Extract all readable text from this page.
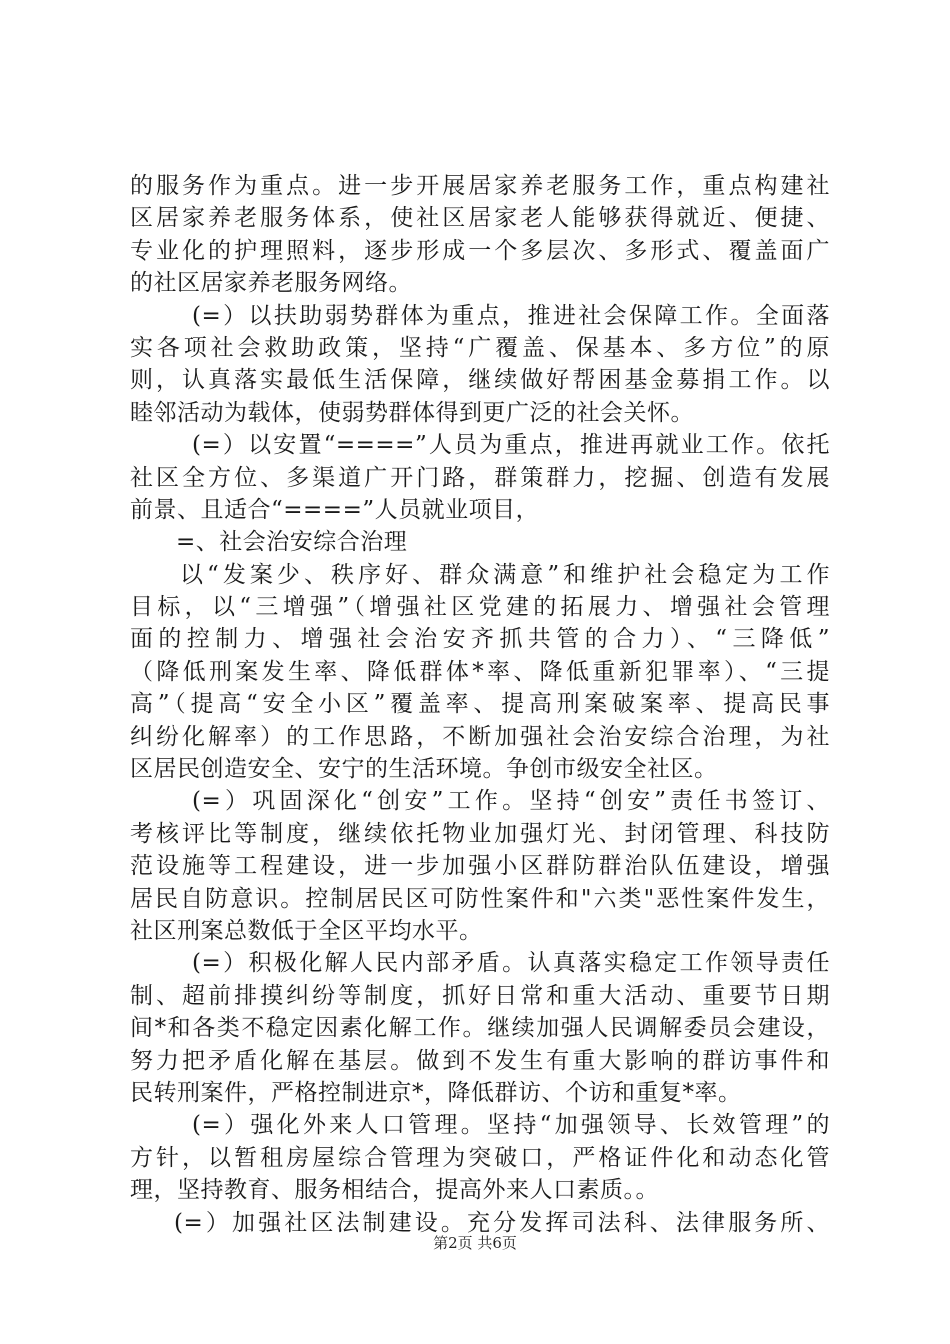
的服务作为重点。进一步开展居家养老服务工作，重点构建社
区居家养老服务体系，使社区居家老人能够获得就近、便捷、
专业化的护理照料，逐步形成一个多层次、多形式、覆盖面广
的社区居家养老服务网络。
(=）以扶助弱势群体为重点，推进社会保障工作。全面落
实各项社会救助政策，坚持“广覆盖、保基本、多方位”的原
则，认真落实最低生活保障，继续做好帮困基金募捐工作。以
睦邻活动为载体，使弱势群体得到更广泛的社会关怀。
(=）以安置“====”人员为重点，推进再就业工作。依托
社区全方位、多渠道广开门路，群策群力，挖掘、创造有发展
前景、且适合“====”人员就业项目，
=、社会治安综合治理
以“发案少、秩序好、群众满意”和维护社会稳定为工作
目标，以“三增强”（增强社区党建的拓展力、增强社会管理
面的控制力、增强社会治安齐抓共管的合力）、“三降低”
（降低刑案发生率、降低群体*率、降低重新犯罪率）、“三提
高”（提高“安全小区”覆盖率、提高刑案破案率、提高民事
纠纷化解率）的工作思路，不断加强社会治安综合治理，为社
区居民创造安全、安宁的生活环境。争创市级安全社区。
(=）巩固深化“创安”工作。坚持“创安”责任书签订、
考核评比等制度，继续依托物业加强灯光、封闭管理、科技防
范设施等工程建设，进一步加强小区群防群治队伍建设，增强
居民自防意识。控制居民区可防性案件和"六类"恶性案件发生，
社区刑案总数低于全区平均水平。
(=）积极化解人民内部矛盾。认真落实稳定工作领导责任
制、超前排摸纠纷等制度，抓好日常和重大活动、重要节日期
间*和各类不稳定因素化解工作。继续加强人民调解委员会建设，
努力把矛盾化解在基层。做到不发生有重大影响的群访事件和
民转刑案件，严格控制进京*，降低群访、个访和重复*率。
(=）强化外来人口管理。坚持“加强领导、长效管理”的
方针，以暂租房屋综合管理为突破口，严格证件化和动态化管
理，坚持教育、服务相结合，提高外来人口素质。。
(=）加强社区法制建设。充分发挥司法科、法律服务所、
第2页 共6页
